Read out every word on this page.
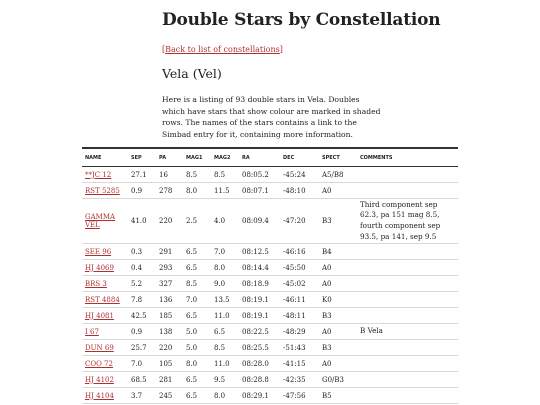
Double Stars by Constellation
[Back to list of constellations]
Vela (Vel)

Here is a listing of 93 double stars in Vela. Doubles which have stars that show colour are marked in shaded rows. The names of the stars contains a link to the Simbad entry for it, containing more information.

NAME	SEP	PA	MAG1	MAG2	RA	DEC	SPECT	COMMENTS
**JC 12	27.1	16	8.5	8.5	08:05.2	-45:24	A5/B8	
RST 5285	0.9	278	8.0	11.5	08:07.1	-48:10	A0	
GAMMA VEL	41.0	220	2.5	4.0	08:09.4	-47:20	B3	Third component sep 62.3, pa 151 mag 8.5, fourth component sep 93.5, pa 141, sep 9.5
SEE 96	0.3	291	6.5	7.0	08:12.5	-46:16	B4	
HJ 4069	0.4	293	6.5	8.0	08:14.4	-45:50	A0	
BRS 3	5.2	327	8.5	9.0	08:18.9	-45:02	A0	
RST 4884	7.8	136	7.0	13.5	08:19.1	-46:11	K0	
HJ 4081	42.5	185	6.5	11.0	08:19.1	-48:11	B3	
I 67	0.9	138	5.0	6.5	08:22.5	-48:29	A0	B Vela
DUN 69	25.7	220	5.0	8.5	08:25.5	-51:43	B3	
COO 72	7.0	105	8.0	11.0	08:28.0	-41:15	A0	
HJ 4102	68.5	281	6.5	9.5	08:28.8	-42:35	G0/B3	
HJ 4104	3.7	245	6.5	8.0	08:29.1	-47:56	B5	
